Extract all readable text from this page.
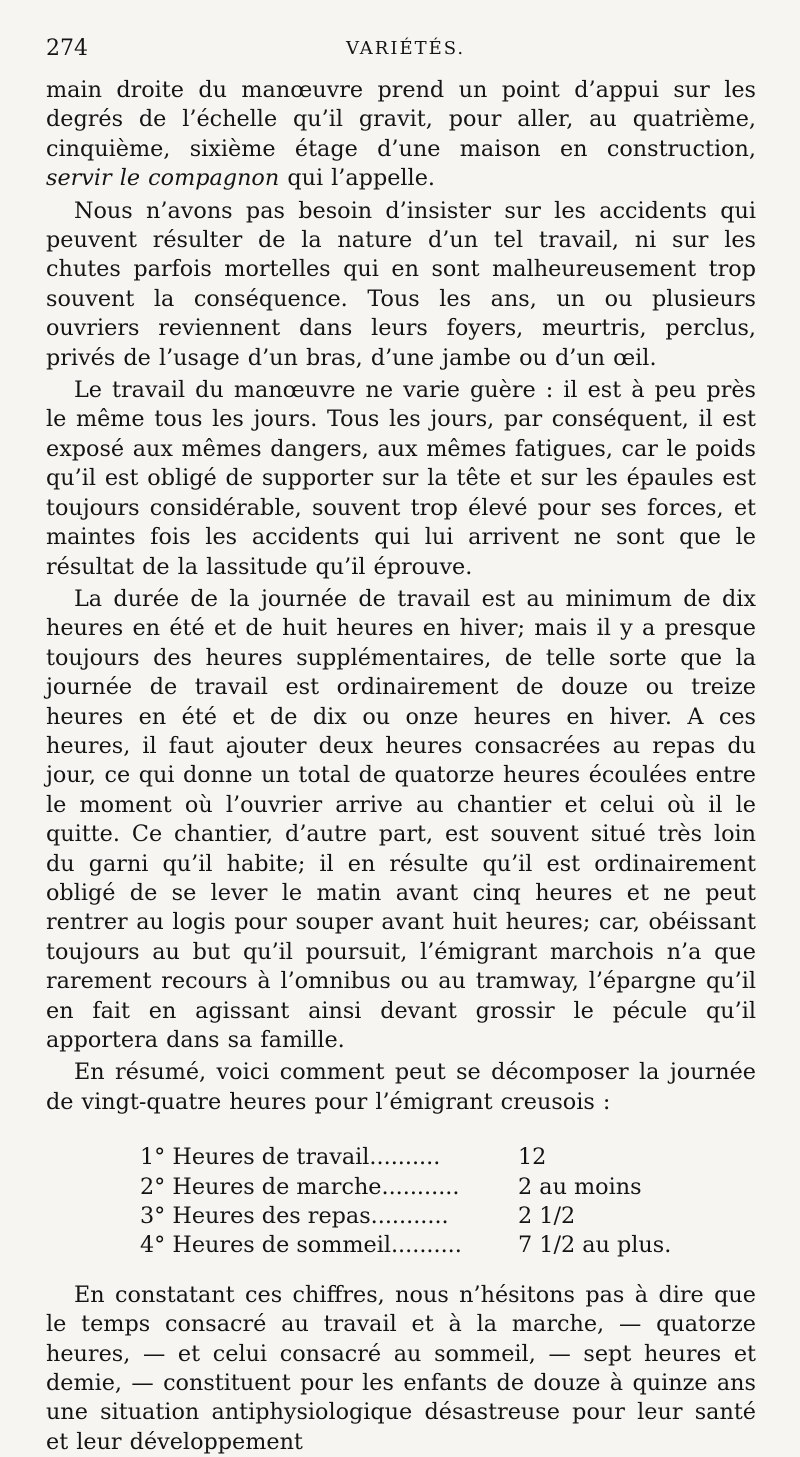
274	VARIÉTÉS.

main droite du manœuvre prend un point d’appui sur les degrés de l’échelle qu’il gravit, pour aller, au quatrième, cinquième, sixième étage d’une maison en construction, servir le compagnon qui l’appelle.

Nous n’avons pas besoin d’insister sur les accidents qui peuvent résulter de la nature d’un tel travail, ni sur les chutes parfois mortelles qui en sont malheureusement trop souvent la conséquence. Tous les ans, un ou plusieurs ouvriers reviennent dans leurs foyers, meurtris, perclus, privés de l’usage d’un bras, d’une jambe ou d’un œil.

Le travail du manœuvre ne varie guère : il est à peu près le même tous les jours. Tous les jours, par conséquent, il est exposé aux mêmes dangers, aux mêmes fatigues, car le poids qu’il est obligé de supporter sur la tête et sur les épaules est toujours considérable, souvent trop élevé pour ses forces, et maintes fois les accidents qui lui arrivent ne sont que le résultat de la lassitude qu’il éprouve.

La durée de la journée de travail est au minimum de dix heures en été et de huit heures en hiver; mais il y a presque toujours des heures supplémentaires, de telle sorte que la journée de travail est ordinairement de douze ou treize heures en été et de dix ou onze heures en hiver. A ces heures, il faut ajouter deux heures consacrées au repas du jour, ce qui donne un total de quatorze heures écoulées entre le moment où l’ouvrier arrive au chantier et celui où il le quitte. Ce chantier, d’autre part, est souvent situé très loin du garni qu’il habite; il en résulte qu’il est ordinairement obligé de se lever le matin avant cinq heures et ne peut rentrer au logis pour souper avant huit heures; car, obéissant toujours au but qu’il poursuit, l’émigrant marchois n’a que rarement recours à l’omnibus ou au tramway, l’épargne qu’il en fait en agissant ainsi devant grossir le pécule qu’il apportera dans sa famille.

En résumé, voici comment peut se décomposer la journée de vingt-quatre heures pour l’émigrant creusois :

1° Heures de travail..........	12
2° Heures de marche...........	2 au moins
3° Heures des repas...........	2 1/2
4° Heures de sommeil..........	7 1/2 au plus.

En constatant ces chiffres, nous n’hésitons pas à dire que le temps consacré au travail et à la marche, — quatorze heures, — et celui consacré au sommeil, — sept heures et demie, — constituent pour les enfants de douze à quinze ans une situation antiphysiologique désastreuse pour leur santé et leur développement
